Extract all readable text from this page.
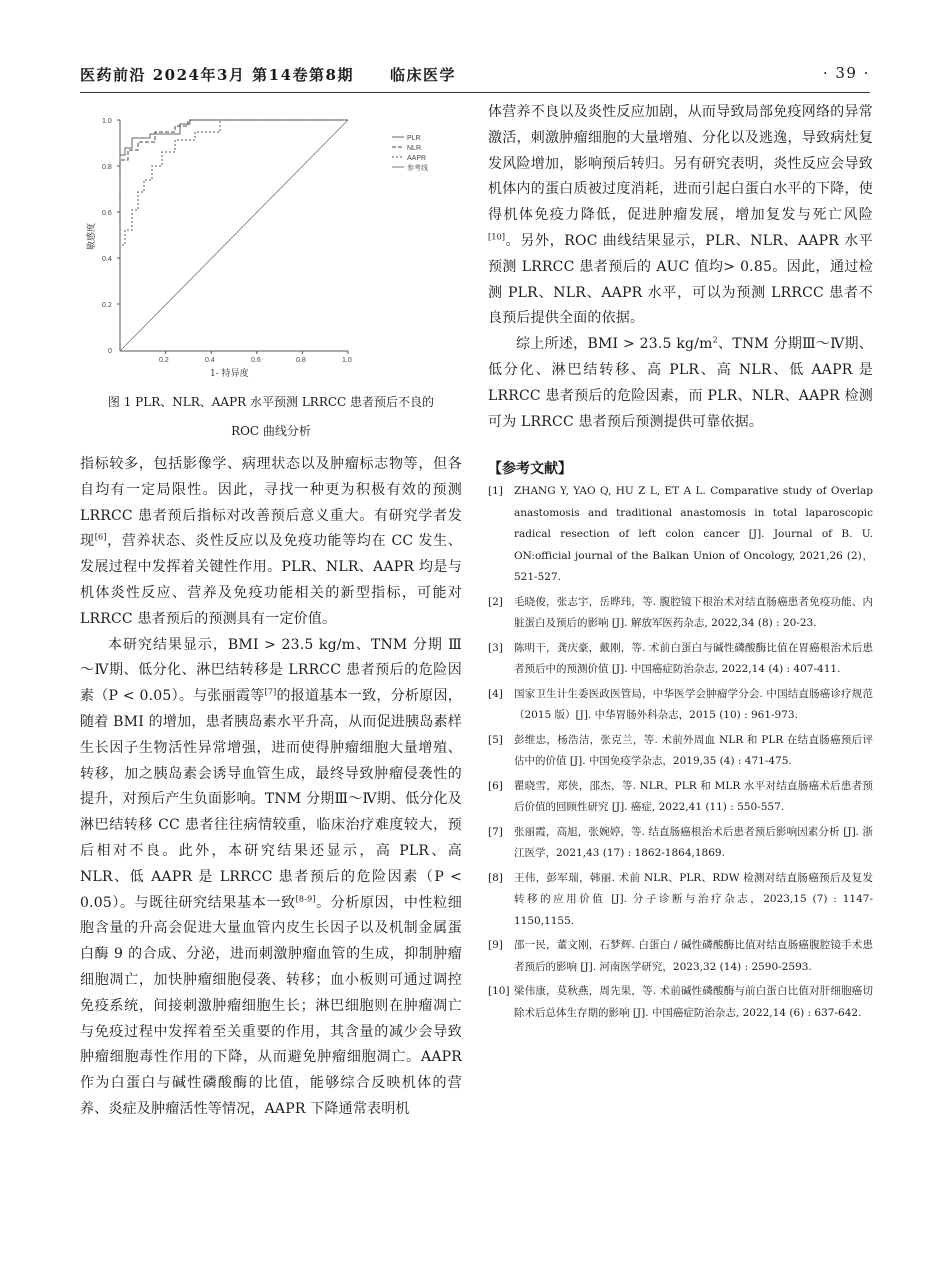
医药前沿 2024年3月 第14卷第8期 临床医学	· 39 ·
1.0
0.8
0.6
0.4
0.2
0
0.2	0.4	0.6	0.8	1.0
敏感度
1- 特异度
PLR
NLR
AAPR
参考线
图 1 PLR、NLR、AAPR 水平预测 LRRCC 患者预后不良的
ROC 曲线分析

指标较多，包括影像学、病理状态以及肿瘤标志物等，但各自均有一定局限性。因此，寻找一种更为积极有效的预测 LRRCC 患者预后指标对改善预后意义重大。有研究学者发现[6]，营养状态、炎性反应以及免疫功能等均在 CC 发生、发展过程中发挥着关键性作用。PLR、NLR、AAPR 均是与机体炎性反应、营养及免疫功能相关的新型指标，可能对 LRRCC 患者预后的预测具有一定价值。

本研究结果显示，BMI > 23.5 kg/m、TNM 分期 Ⅲ～Ⅳ期、低分化、淋巴结转移是 LRRCC 患者预后的危险因素（P < 0.05）。与张丽霞等[7]的报道基本一致，分析原因，随着 BMI 的增加，患者胰岛素水平升高，从而促进胰岛素样生长因子生物活性异常增强，进而使得肿瘤细胞大量增殖、转移，加之胰岛素会诱导血管生成，最终导致肿瘤侵袭性的提升，对预后产生负面影响。TNM 分期Ⅲ～Ⅳ期、低分化及淋巴结转移 CC 患者往往病情较重，临床治疗难度较大，预后相对不良。此外，本研究结果还显示，高 PLR、高 NLR、低 AAPR 是 LRRCC 患者预后的危险因素（P < 0.05）。与既往研究结果基本一致[8-9]。分析原因，中性粒细胞含量的升高会促进大量血管内皮生长因子以及机制金属蛋白酶 9 的合成、分泌，进而刺激肿瘤血管的生成，抑制肿瘤细胞凋亡，加快肿瘤细胞侵袭、转移；血小板则可通过调控免疫系统，间接刺激肿瘤细胞生长；淋巴细胞则在肿瘤凋亡与免疫过程中发挥着至关重要的作用，其含量的减少会导致肿瘤细胞毒性作用的下降，从而避免肿瘤细胞凋亡。AAPR 作为白蛋白与碱性磷酸酶的比值，能够综合反映机体的营养、炎症及肿瘤活性等情况，AAPR 下降通常表明机

体营养不良以及炎性反应加剧，从而导致局部免疫网络的异常激活，刺激肿瘤细胞的大量增殖、分化以及逃逸，导致病灶复发风险增加，影响预后转归。另有研究表明，炎性反应会导致机体内的蛋白质被过度消耗，进而引起白蛋白水平的下降，使得机体免疫力降低，促进肿瘤发展，增加复发与死亡风险[10]。另外，ROC 曲线结果显示，PLR、NLR、AAPR 水平预测 LRRCC 患者预后的 AUC 值均> 0.85。因此，通过检测 PLR、NLR、AAPR 水平，可以为预测 LRRCC 患者不良预后提供全面的依据。

综上所述，BMI > 23.5 $kg/m^2$、TNM 分期Ⅲ～Ⅳ期、低分化、淋巴结转移、高 PLR、高 NLR、低 AAPR 是 LRRCC 患者预后的危险因素，而 PLR、NLR、AAPR 检测可为 LRRCC 患者预后预测提供可靠依据。

【参考文献】

[1] ZHANG Y, YAO Q, HU Z L, ET A L. Comparative study of Overlap anastomosis and traditional anastomosis in total laparoscopic radical resection of left colon cancer [J]. Journal of B. U. ON:official journal of the Balkan Union of Oncology, 2021,26 (2)，521-527.
[2] 毛晓俊，张志宇，岳晔玮，等. 腹腔镜下根治术对结直肠癌患者免疫功能、内脏蛋白及预后的影响 [J]. 解放军医药杂志, 2022,34 (8) : 20-23.
[3] 陈明干，龚庆豪，戴刚，等. 术前白蛋白与碱性磷酸酶比值在胃癌根治术后患者预后中的预测价值 [J]. 中国癌症防治杂志, 2022,14 (4) : 407-411.
[4] 国家卫生计生委医政医管局，中华医学会肿瘤学分会. 中国结直肠癌诊疗规范（2015 版）[J]. 中华胃肠外科杂志，2015 (10) : 961-973.
[5] 彭维忠，杨浩洁，张克兰，等. 术前外周血 NLR 和 PLR 在结直肠癌预后评估中的价值 [J]. 中国免疫学杂志，2019,35 (4) : 471-475.
[6] 瞿晓雪，郑侠，邵杰，等. NLR、PLR 和 MLR 水平对结直肠癌术后患者预后价值的回顾性研究 [J]. 癌症, 2022,41 (11) : 550-557.
[7] 张丽霞，高旭，张婉婷，等. 结直肠癌根治术后患者预后影响因素分析 [J]. 浙江医学，2021,43 (17) : 1862-1864,1869.
[8] 王伟，彭军瑞，韩丽. 术前 NLR、PLR、RDW 检测对结直肠癌预后及复发转移的应用价值 [J]. 分子诊断与治疗杂志，2023,15 (7) : 1147-1150,1155.
[9] 邵一民，董文刚，石梦辉. 白蛋白 / 碱性磷酸酶比值对结直肠癌腹腔镜手术患者预后的影响 [J]. 河南医学研究，2023,32 (14) : 2590-2593.
[10] 梁伟康，莫秋燕，周先果，等. 术前碱性磷酸酶与前白蛋白比值对肝细胞癌切除术后总体生存期的影响 [J]. 中国癌症防治杂志, 2022,14 (6) : 637-642.
